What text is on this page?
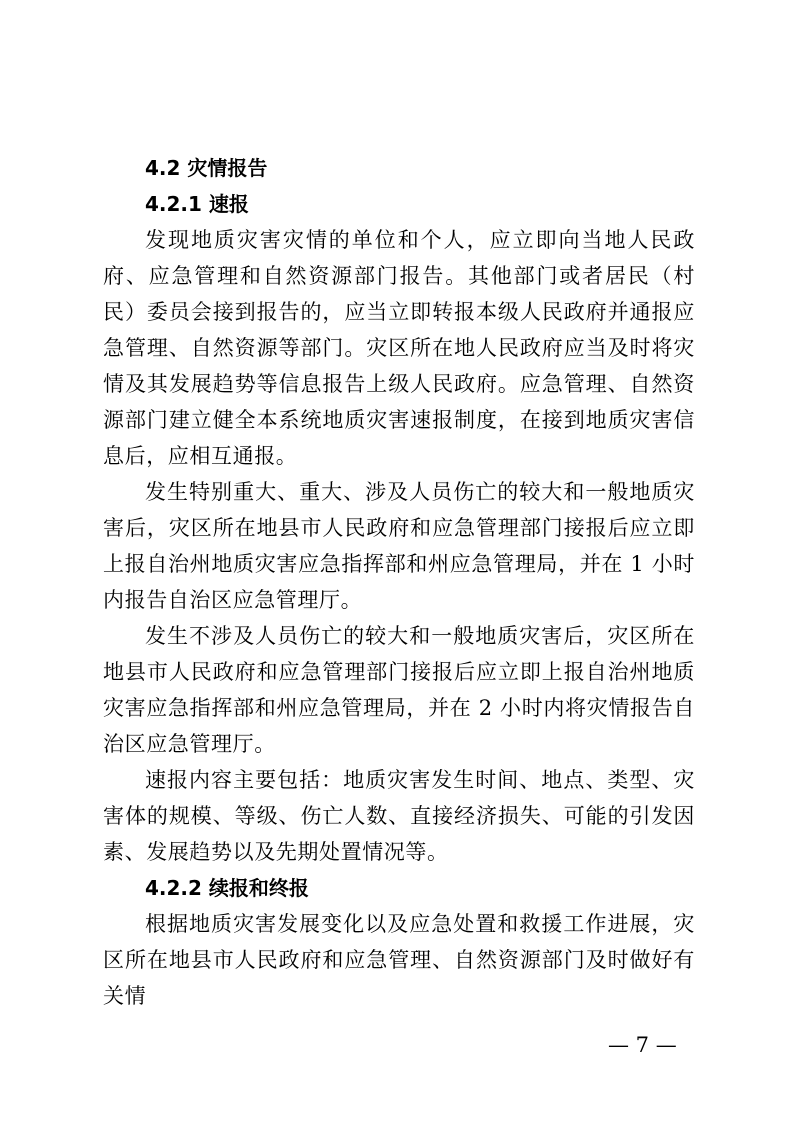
4.2 灾情报告
4.2.1 速报

发现地质灾害灾情的单位和个人，应立即向当地人民政府、应急管理和自然资源部门报告。其他部门或者居民（村民）委员会接到报告的，应当立即转报本级人民政府并通报应急管理、自然资源等部门。灾区所在地人民政府应当及时将灾情及其发展趋势等信息报告上级人民政府。应急管理、自然资源部门建立健全本系统地质灾害速报制度，在接到地质灾害信息后，应相互通报。

发生特别重大、重大、涉及人员伤亡的较大和一般地质灾害后，灾区所在地县市人民政府和应急管理部门接报后应立即上报自治州地质灾害应急指挥部和州应急管理局，并在 1 小时内报告自治区应急管理厅。

发生不涉及人员伤亡的较大和一般地质灾害后，灾区所在地县市人民政府和应急管理部门接报后应立即上报自治州地质灾害应急指挥部和州应急管理局，并在 2 小时内将灾情报告自治区应急管理厅。

速报内容主要包括：地质灾害发生时间、地点、类型、灾害体的规模、等级、伤亡人数、直接经济损失、可能的引发因素、发展趋势以及先期处置情况等。

4.2.2 续报和终报

根据地质灾害发展变化以及应急处置和救援工作进展，灾区所在地县市人民政府和应急管理、自然资源部门及时做好有关情

— 7 —
